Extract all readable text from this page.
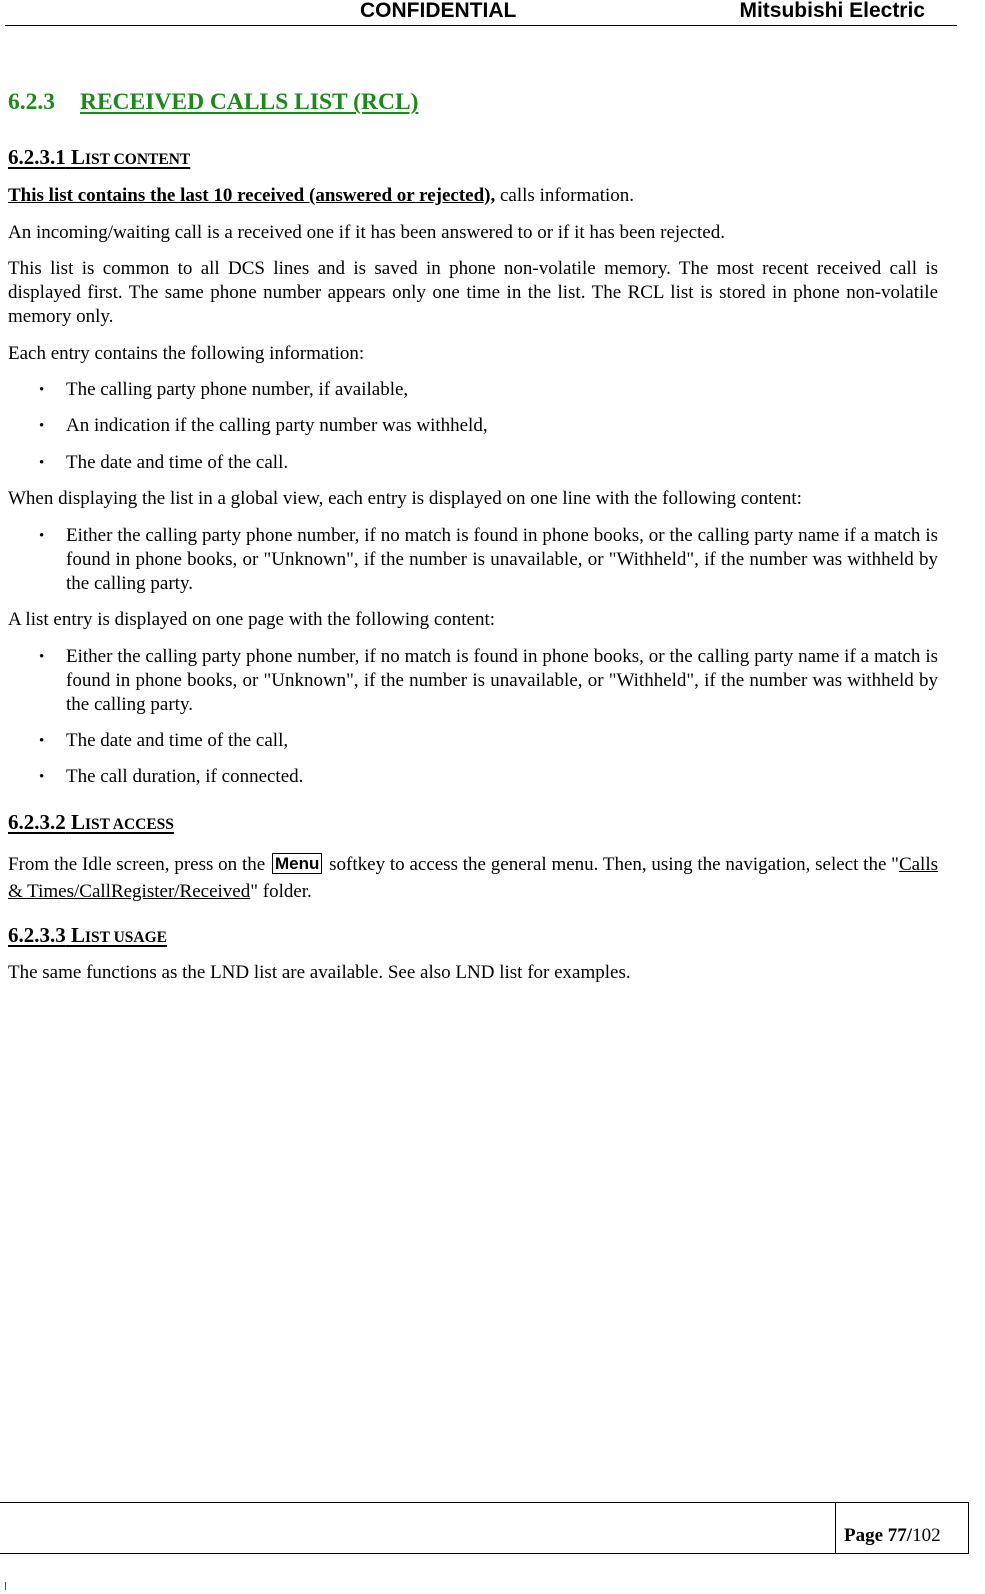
CONFIDENTIAL	Mitsubishi Electric
6.2.3 RECEIVED CALLS LIST (RCL)
6.2.3.1 LIST CONTENT
This list contains the last 10 received (answered or rejected), calls information.
An incoming/waiting call is a received one if it has been answered to or if it has been rejected.
This list is common to all DCS lines and is saved in phone non-volatile memory. The most recent received call is displayed first. The same phone number appears only one time in the list. The RCL list is stored in phone non-volatile memory only.
Each entry contains the following information:
• The calling party phone number, if available,
• An indication if the calling party number was withheld,
• The date and time of the call.
When displaying the list in a global view, each entry is displayed on one line with the following content:
• Either the calling party phone number, if no match is found in phone books, or the calling party name if a match is found in phone books, or "Unknown", if the number is unavailable, or "Withheld", if the number was withheld by the calling party.
A list entry is displayed on one page with the following content:
• Either the calling party phone number, if no match is found in phone books, or the calling party name if a match is found in phone books, or "Unknown", if the number is unavailable, or "Withheld", if the number was withheld by the calling party.
• The date and time of the call,
• The call duration, if connected.
6.2.3.2 LIST ACCESS
From the Idle screen, press on the Menu softkey to access the general menu. Then, using the navigation, select the "Calls & Times/CallRegister/Received" folder.
6.2.3.3 LIST USAGE
The same functions as the LND list are available. See also LND list for examples.
Page 77/102
